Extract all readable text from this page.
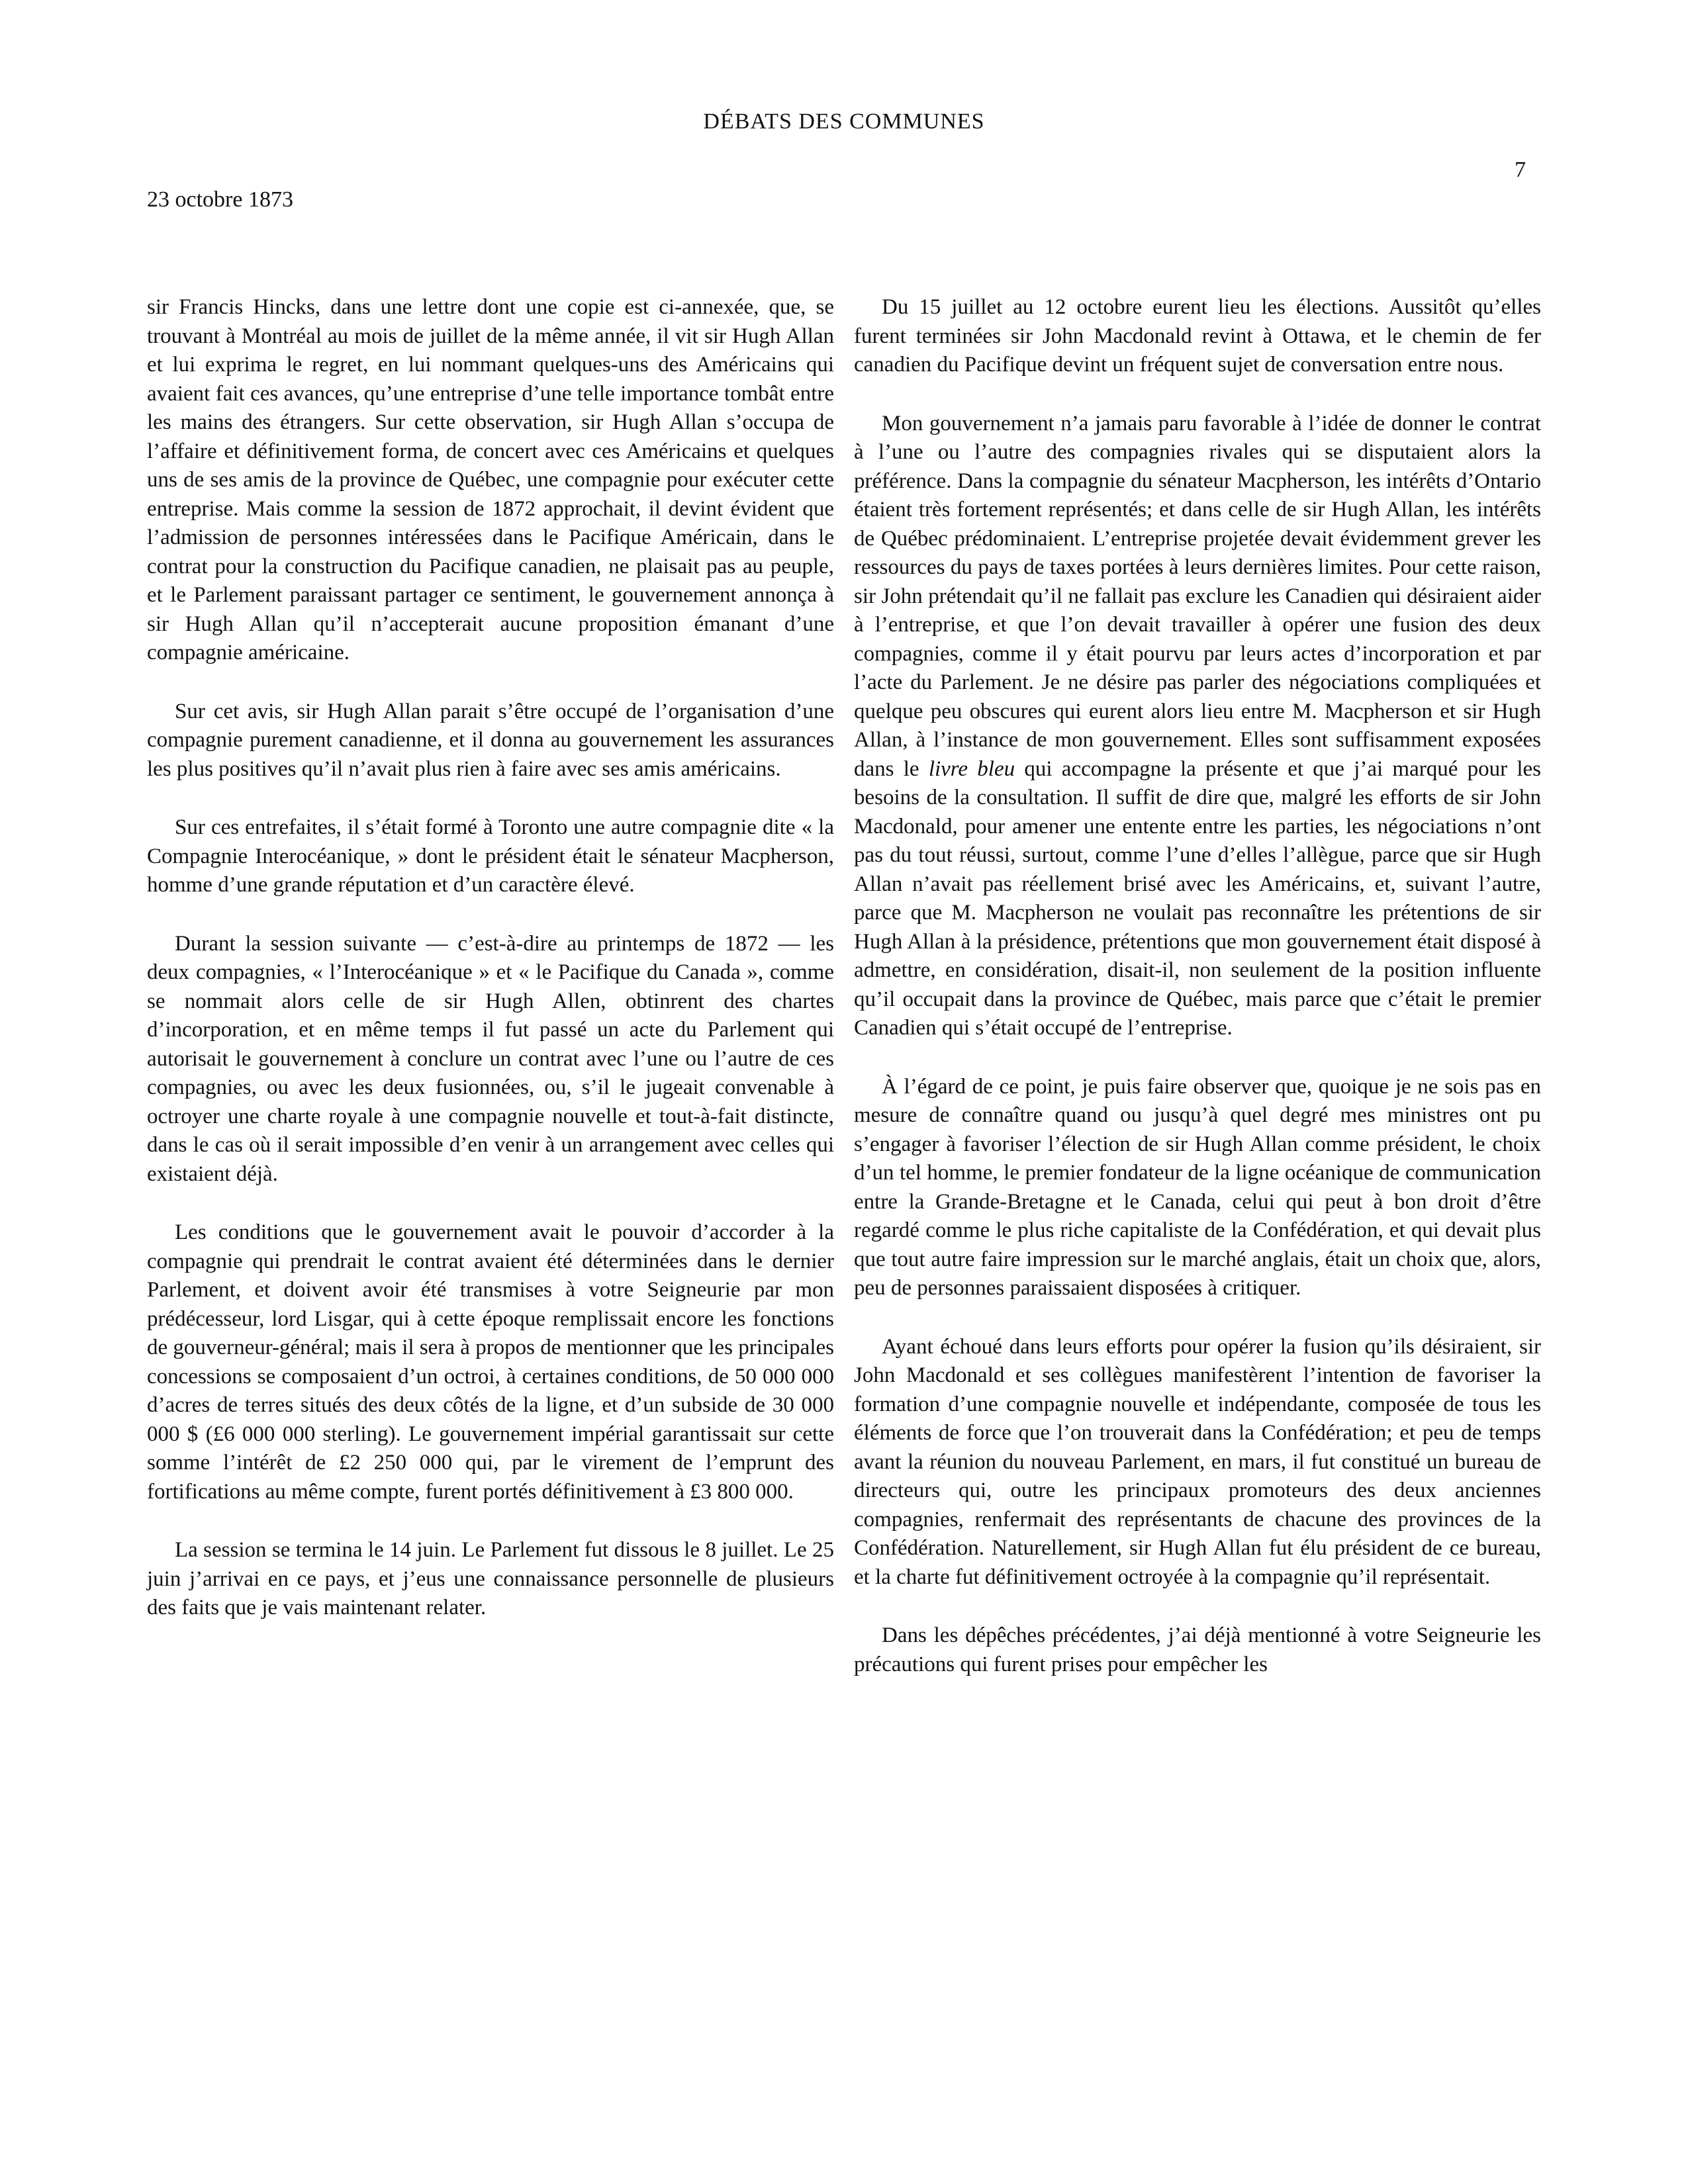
DÉBATS DES COMMUNES
7
23 octobre 1873

sir Francis Hincks, dans une lettre dont une copie est ci-annexée, que, se trouvant à Montréal au mois de juillet de la même année, il vit sir Hugh Allan et lui exprima le regret, en lui nommant quelques-uns des Américains qui avaient fait ces avances, qu’une entreprise d’une telle importance tombât entre les mains des étrangers. Sur cette observation, sir Hugh Allan s’occupa de l’affaire et définitivement forma, de concert avec ces Américains et quelques uns de ses amis de la province de Québec, une compagnie pour exécuter cette entreprise. Mais comme la session de 1872 approchait, il devint évident que l’admission de personnes intéressées dans le Pacifique Américain, dans le contrat pour la construction du Pacifique canadien, ne plaisait pas au peuple, et le Parlement paraissant partager ce sentiment, le gouvernement annonça à sir Hugh Allan qu’il n’accepterait aucune proposition émanant d’une compagnie américaine.

Sur cet avis, sir Hugh Allan parait s’être occupé de l’organisation d’une compagnie purement canadienne, et il donna au gouvernement les assurances les plus positives qu’il n’avait plus rien à faire avec ses amis américains.

Sur ces entrefaites, il s’était formé à Toronto une autre compagnie dite « la Compagnie Interocéanique, » dont le président était le sénateur Macpherson, homme d’une grande réputation et d’un caractère élevé.

Durant la session suivante — c’est-à-dire au printemps de 1872 — les deux compagnies, « l’Interocéanique » et « le Pacifique du Canada », comme se nommait alors celle de sir Hugh Allen, obtinrent des chartes d’incorporation, et en même temps il fut passé un acte du Parlement qui autorisait le gouvernement à conclure un contrat avec l’une ou l’autre de ces compagnies, ou avec les deux fusionnées, ou, s’il le jugeait convenable à octroyer une charte royale à une compagnie nouvelle et tout-à-fait distincte, dans le cas où il serait impossible d’en venir à un arrangement avec celles qui existaient déjà.

Les conditions que le gouvernement avait le pouvoir d’accorder à la compagnie qui prendrait le contrat avaient été déterminées dans le dernier Parlement, et doivent avoir été transmises à votre Seigneurie par mon prédécesseur, lord Lisgar, qui à cette époque remplissait encore les fonctions de gouverneur-général; mais il sera à propos de mentionner que les principales concessions se composaient d’un octroi, à certaines conditions, de 50 000 000 d’acres de terres situés des deux côtés de la ligne, et d’un subside de 30 000 000 $ (£6 000 000 sterling). Le gouvernement impérial garantissait sur cette somme l’intérêt de £2 250 000 qui, par le virement de l’emprunt des fortifications au même compte, furent portés définitivement à £3 800 000.

La session se termina le 14 juin. Le Parlement fut dissous le 8 juillet. Le 25 juin j’arrivai en ce pays, et j’eus une connaissance personnelle de plusieurs des faits que je vais maintenant relater.

Du 15 juillet au 12 octobre eurent lieu les élections. Aussitôt qu’elles furent terminées sir John Macdonald revint à Ottawa, et le chemin de fer canadien du Pacifique devint un fréquent sujet de conversation entre nous.

Mon gouvernement n’a jamais paru favorable à l’idée de donner le contrat à l’une ou l’autre des compagnies rivales qui se disputaient alors la préférence. Dans la compagnie du sénateur Macpherson, les intérêts d’Ontario étaient très fortement représentés; et dans celle de sir Hugh Allan, les intérêts de Québec prédominaient. L’entreprise projetée devait évidemment grever les ressources du pays de taxes portées à leurs dernières limites. Pour cette raison, sir John prétendait qu’il ne fallait pas exclure les Canadien qui désiraient aider à l’entreprise, et que l’on devait travailler à opérer une fusion des deux compagnies, comme il y était pourvu par leurs actes d’incorporation et par l’acte du Parlement. Je ne désire pas parler des négociations compliquées et quelque peu obscures qui eurent alors lieu entre M. Macpherson et sir Hugh Allan, à l’instance de mon gouvernement. Elles sont suffisamment exposées dans le livre bleu qui accompagne la présente et que j’ai marqué pour les besoins de la consultation. Il suffit de dire que, malgré les efforts de sir John Macdonald, pour amener une entente entre les parties, les négociations n’ont pas du tout réussi, surtout, comme l’une d’elles l’allègue, parce que sir Hugh Allan n’avait pas réellement brisé avec les Américains, et, suivant l’autre, parce que M. Macpherson ne voulait pas reconnaître les prétentions de sir Hugh Allan à la présidence, prétentions que mon gouvernement était disposé à admettre, en considération, disait-il, non seulement de la position influente qu’il occupait dans la province de Québec, mais parce que c’était le premier Canadien qui s’était occupé de l’entreprise.

À l’égard de ce point, je puis faire observer que, quoique je ne sois pas en mesure de connaître quand ou jusqu’à quel degré mes ministres ont pu s’engager à favoriser l’élection de sir Hugh Allan comme président, le choix d’un tel homme, le premier fondateur de la ligne océanique de communication entre la Grande-Bretagne et le Canada, celui qui peut à bon droit d’être regardé comme le plus riche capitaliste de la Confédération, et qui devait plus que tout autre faire impression sur le marché anglais, était un choix que, alors, peu de personnes paraissaient disposées à critiquer.

Ayant échoué dans leurs efforts pour opérer la fusion qu’ils désiraient, sir John Macdonald et ses collègues manifestèrent l’intention de favoriser la formation d’une compagnie nouvelle et indépendante, composée de tous les éléments de force que l’on trouverait dans la Confédération; et peu de temps avant la réunion du nouveau Parlement, en mars, il fut constitué un bureau de directeurs qui, outre les principaux promoteurs des deux anciennes compagnies, renfermait des représentants de chacune des provinces de la Confédération. Naturellement, sir Hugh Allan fut élu président de ce bureau, et la charte fut définitivement octroyée à la compagnie qu’il représentait.

Dans les dépêches précédentes, j’ai déjà mentionné à votre Seigneurie les précautions qui furent prises pour empêcher les
